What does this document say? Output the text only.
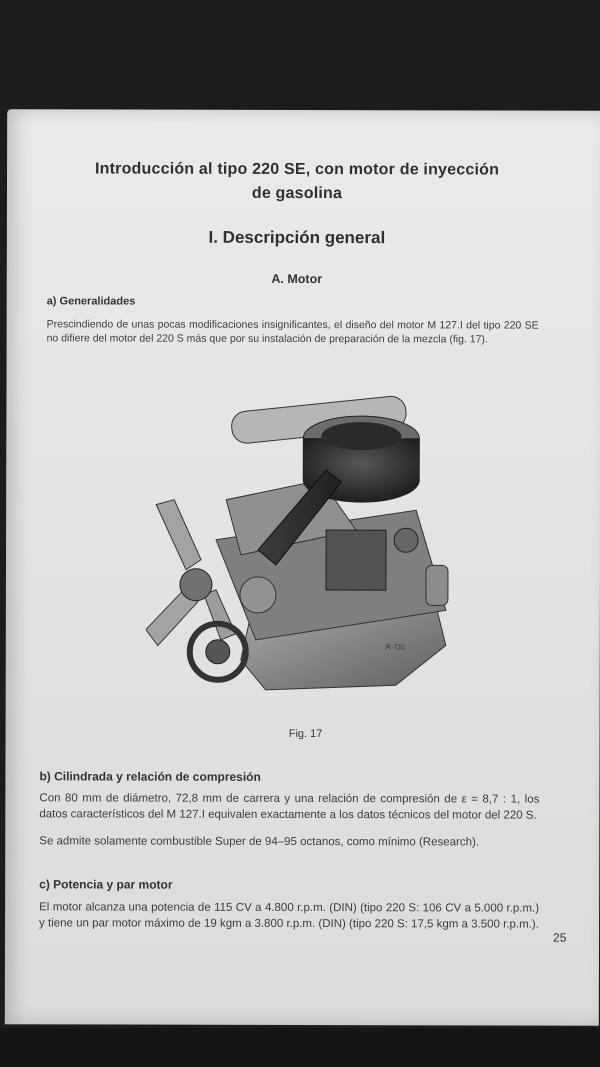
Introducción al tipo 220 SE, con motor de inyección
de gasolina
I. Descripción general
A. Motor
a) Generalidades
Prescindiendo de unas pocas modificaciones insignificantes, el diseño del motor M 127.I del tipo 220 SE no difiere del motor del 220 S más que por su instalación de preparación de la mezcla (fig. 17).
R-731
Fig. 17
b) Cilindrada y relación de compresión
Con 80 mm de diámetro, 72,8 mm de carrera y una relación de compresión de ε = 8,7 : 1, los datos característicos del M 127.I equivalen exactamente a los datos técnicos del motor del 220 S.
Se admite solamente combustible Super de 94–95 octanos, como mínimo (Research).
c) Potencia y par motor
El motor alcanza una potencia de 115 CV a 4.800 r.p.m. (DIN) (tipo 220 S: 106 CV a 5.000 r.p.m.) y tiene un par motor máximo de 19 kgm a 3.800 r.p.m. (DIN) (tipo 220 S: 17,5 kgm a 3.500 r.p.m.).
25
